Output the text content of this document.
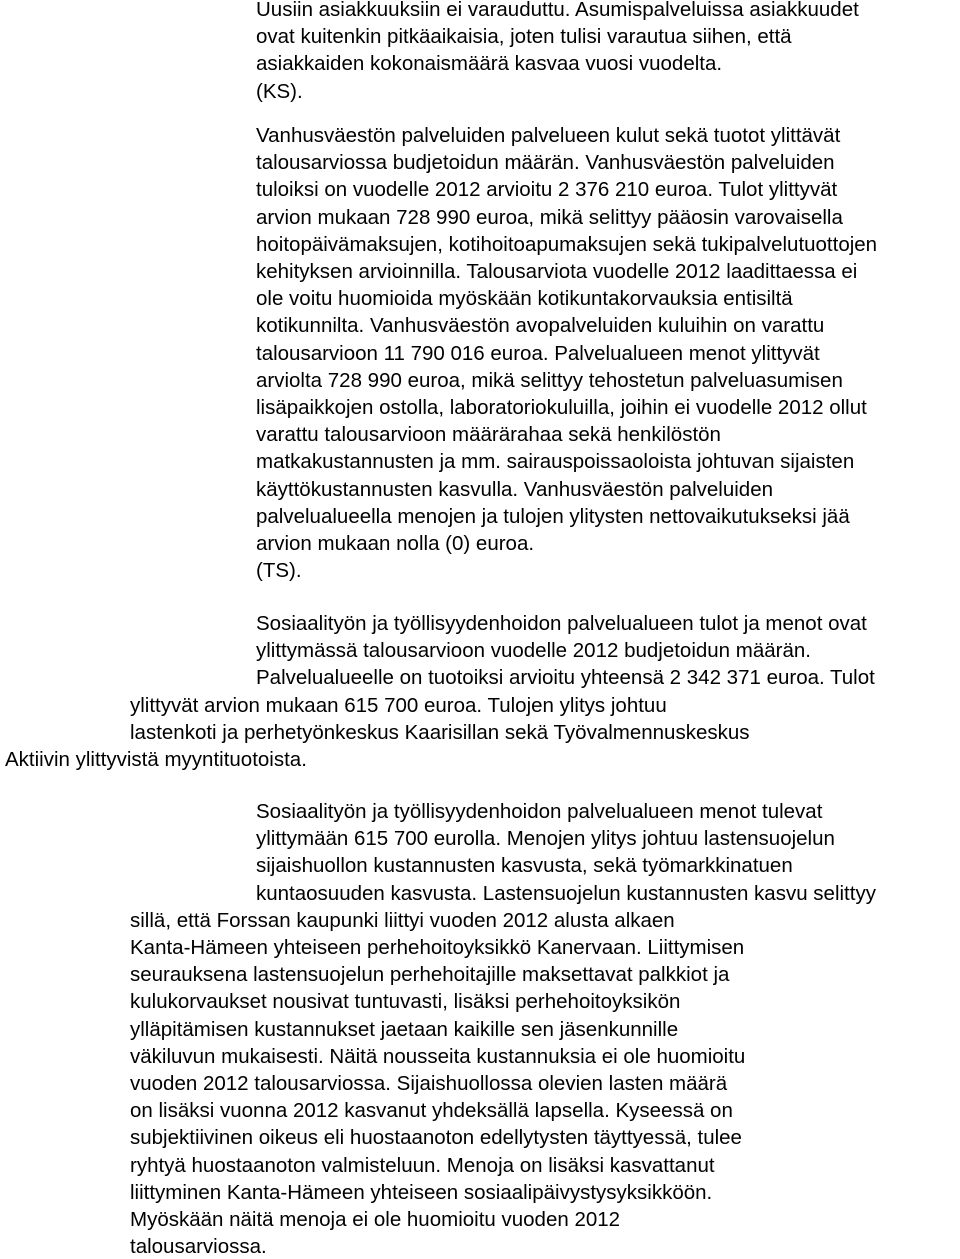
Uusiin asiakkuuksiin ei varauduttu. Asumispalveluissa asiakkuudet
ovat kuitenkin pitkäaikaisia, joten tulisi varautua siihen, että
asiakkaiden kokonaismäärä kasvaa vuosi vuodelta.
(KS).
Vanhusväestön palveluiden palvelueen kulut sekä tuotot ylittävät
talousarviossa budjetoidun määrän. Vanhusväestön palveluiden
tuloiksi on vuodelle 2012 arvioitu 2 376 210 euroa. Tulot ylittyvät
arvion mukaan 728 990 euroa, mikä selittyy pääosin varovaisella
hoitopäivämaksujen, kotihoitoapumaksujen sekä tukipalvelutuottojen
kehityksen arvioinnilla. Talousarviota vuodelle 2012 laadittaessa ei
ole voitu huomioida myöskään kotikuntakorvauksia entisiltä
kotikunnilta. Vanhusväestön avopalveluiden kuluihin on varattu
talousarvioon 11 790 016 euroa. Palvelualueen menot ylittyvät
arviolta 728 990 euroa, mikä selittyy tehostetun palveluasumisen
lisäpaikkojen ostolla, laboratoriokuluilla, joihin ei vuodelle 2012 ollut
varattu talousarvioon määrärahaa sekä henkilöstön
matkakustannusten ja mm. sairauspoissaoloista johtuvan sijaisten
käyttökustannusten kasvulla. Vanhusväestön palveluiden
palvelualueella menojen ja tulojen ylitysten nettovaikutukseksi jää
arvion mukaan nolla (0) euroa.
(TS).
Sosiaalityön ja työllisyydenhoidon palvelualueen tulot ja menot ovat
ylittymässä talousarvioon vuodelle 2012 budjetoidun määrän.
Palvelualueelle on tuotoiksi arvioitu yhteensä 2 342 371 euroa. Tulot
ylittyvät arvion mukaan 615 700 euroa. Tulojen ylitys johtuu
lastenkoti ja perhetyönkeskus Kaarisillan sekä Työvalmennuskeskus
Aktiivin ylittyvistä myyntituotoista.
Sosiaalityön ja työllisyydenhoidon palvelualueen menot tulevat
ylittymään 615 700 eurolla. Menojen ylitys johtuu lastensuojelun
sijaishuollon kustannusten kasvusta, sekä työmarkkinatuen
kuntaosuuden kasvusta. Lastensuojelun kustannusten kasvu selittyy
sillä, että Forssan kaupunki liittyi vuoden 2012 alusta alkaen
Kanta-Hämeen yhteiseen perhehoitoyksikkö Kanervaan. Liittymisen
seurauksena lastensuojelun perhehoitajille maksettavat palkkiot ja
kulukorvaukset nousivat tuntuvasti, lisäksi perhehoitoyksikön
ylläpitämisen kustannukset jaetaan kaikille sen jäsenkunnille
väkiluvun mukaisesti. Näitä nousseita kustannuksia ei ole huomioitu
vuoden 2012 talousarviossa. Sijaishuollossa olevien lasten määrä
on lisäksi vuonna 2012 kasvanut yhdeksällä lapsella. Kyseessä on
subjektiivinen oikeus eli huostaanoton edellytysten täyttyessä, tulee
ryhtyä huostaanoton valmisteluun. Menoja on lisäksi kasvattanut
liittyminen Kanta-Hämeen yhteiseen sosiaalipäivystysyksikköön.
Myöskään näitä menoja ei ole huomioitu vuoden 2012
talousarviossa.
